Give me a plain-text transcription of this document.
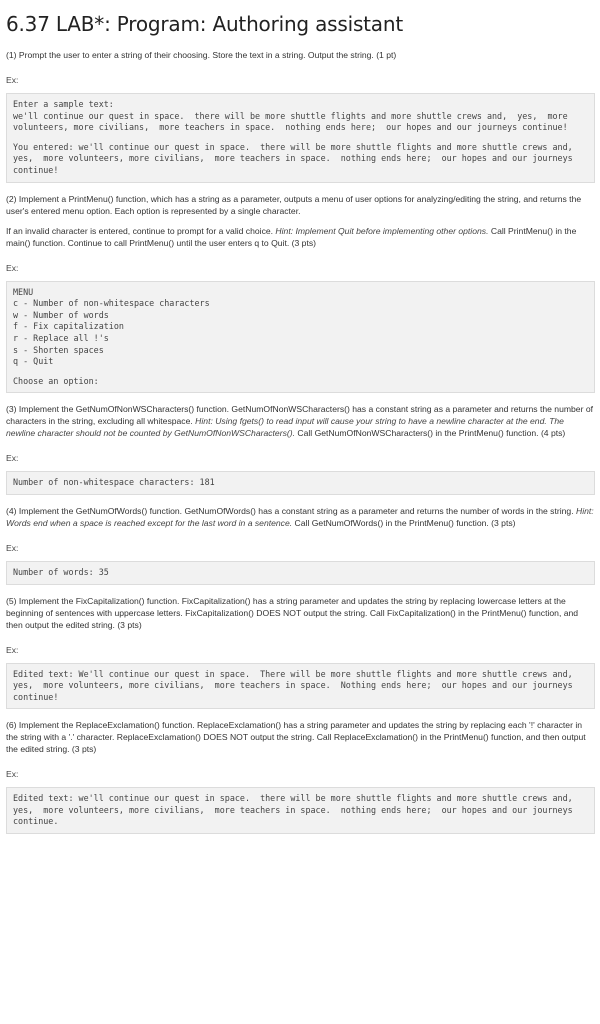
6.37 LAB*: Program: Authoring assistant

(1) Prompt the user to enter a string of their choosing. Store the text in a string. Output the string. (1 pt)

Ex:
Enter a sample text:
we'll continue our quest in space.  there will be more shuttle flights and more shuttle crews and,  yes,  more volunteers, more civilians,  more teachers in space.  nothing ends here;  our hopes and our journeys continue!
You entered: we'll continue our quest in space.  there will be more shuttle flights and more shuttle crews and,  yes,  more volunteers, more civilians,  more teachers in space.  nothing ends here;  our hopes and our journeys continue!

(2) Implement a PrintMenu() function, which has a string as a parameter, outputs a menu of user options for analyzing/editing the string, and returns the user's entered menu option. Each option is represented by a single character.

If an invalid character is entered, continue to prompt for a valid choice. Hint: Implement Quit before implementing other options. Call PrintMenu() in the main() function. Continue to call PrintMenu() until the user enters q to Quit. (3 pts)

Ex:
MENU
c - Number of non-whitespace characters
w - Number of words
f - Fix capitalization
r - Replace all !'s
s - Shorten spaces
q - Quit
Choose an option:

(3) Implement the GetNumOfNonWSCharacters() function. GetNumOfNonWSCharacters() has a constant string as a parameter and returns the number of characters in the string, excluding all whitespace. Hint: Using fgets() to read input will cause your string to have a newline character at the end. The newline character should not be counted by GetNumOfNonWSCharacters(). Call GetNumOfNonWSCharacters() in the PrintMenu() function. (4 pts)

Ex:
Number of non-whitespace characters: 181

(4) Implement the GetNumOfWords() function. GetNumOfWords() has a constant string as a parameter and returns the number of words in the string. Hint: Words end when a space is reached except for the last word in a sentence. Call GetNumOfWords() in the PrintMenu() function. (3 pts)

Ex:
Number of words: 35

(5) Implement the FixCapitalization() function. FixCapitalization() has a string parameter and updates the string by replacing lowercase letters at the beginning of sentences with uppercase letters. FixCapitalization() DOES NOT output the string. Call FixCapitalization() in the PrintMenu() function, and then output the edited string. (3 pts)

Ex:
Edited text: We'll continue our quest in space.  There will be more shuttle flights and more shuttle crews and,  yes,  more volunteers, more civilians,  more teachers in space.  Nothing ends here;  our hopes and our journeys continue!

(6) Implement the ReplaceExclamation() function. ReplaceExclamation() has a string parameter and updates the string by replacing each '!' character in the string with a '.' character. ReplaceExclamation() DOES NOT output the string. Call ReplaceExclamation() in the PrintMenu() function, and then output the edited string. (3 pts)

Ex:
Edited text: we'll continue our quest in space.  there will be more shuttle flights and more shuttle crews and,  yes,  more volunteers, more civilians,  more teachers in space.  nothing ends here;  our hopes and our journeys continue.
